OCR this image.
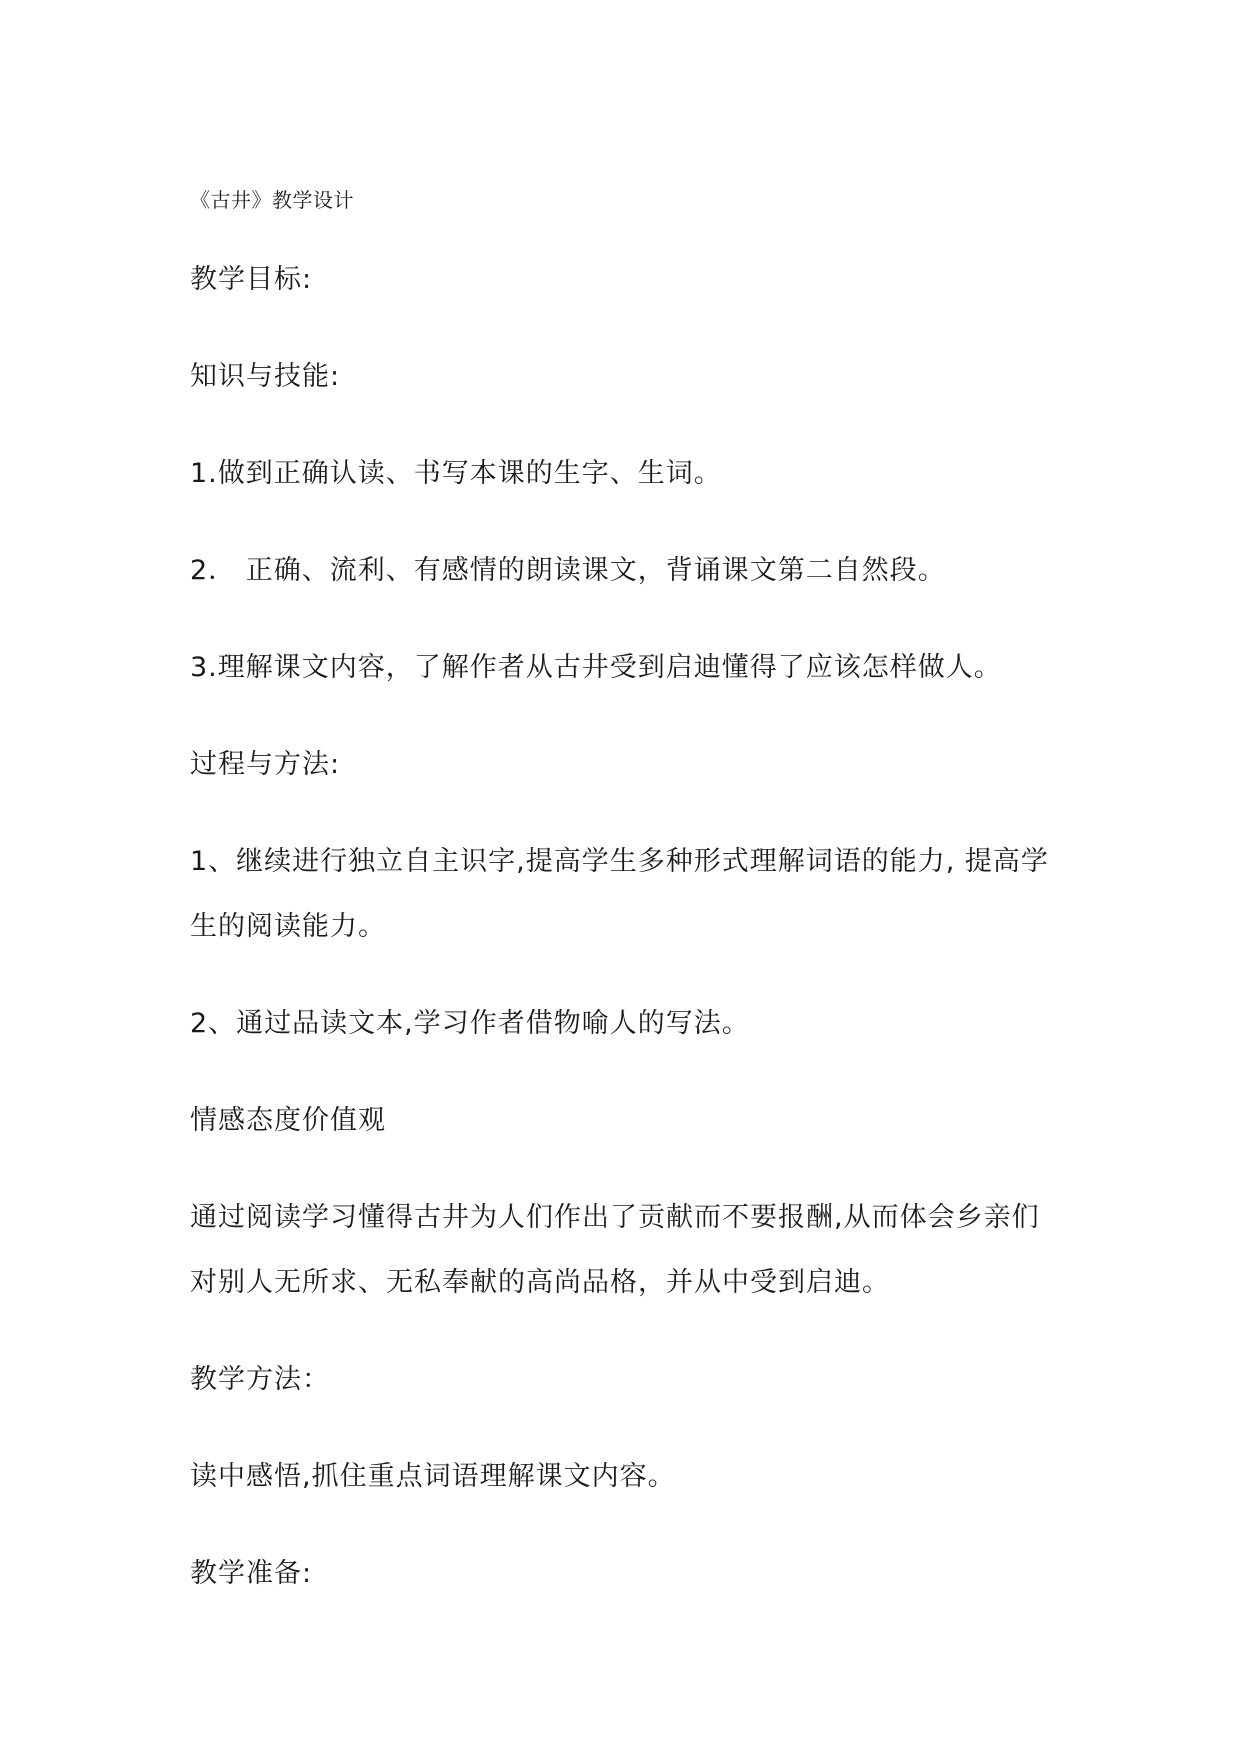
《古井》教学设计
教学目标:
知识与技能:
1.做到正确认读、书写本课的生字、生词。
2． 正确、流利、有感情的朗读课文，背诵课文第二自然段。
3.理解课文内容，了解作者从古井受到启迪懂得了应该怎样做人。
过程与方法:
1、继续进行独立自主识字,提高学生多种形式理解词语的能力, 提高学
生的阅读能力。
2、通过品读文本,学习作者借物喻人的写法。
情感态度价值观
通过阅读学习懂得古井为人们作出了贡献而不要报酬,从而体会乡亲们
对别人无所求、无私奉献的高尚品格，并从中受到启迪。
教学方法：
读中感悟,抓住重点词语理解课文内容。
教学准备:
